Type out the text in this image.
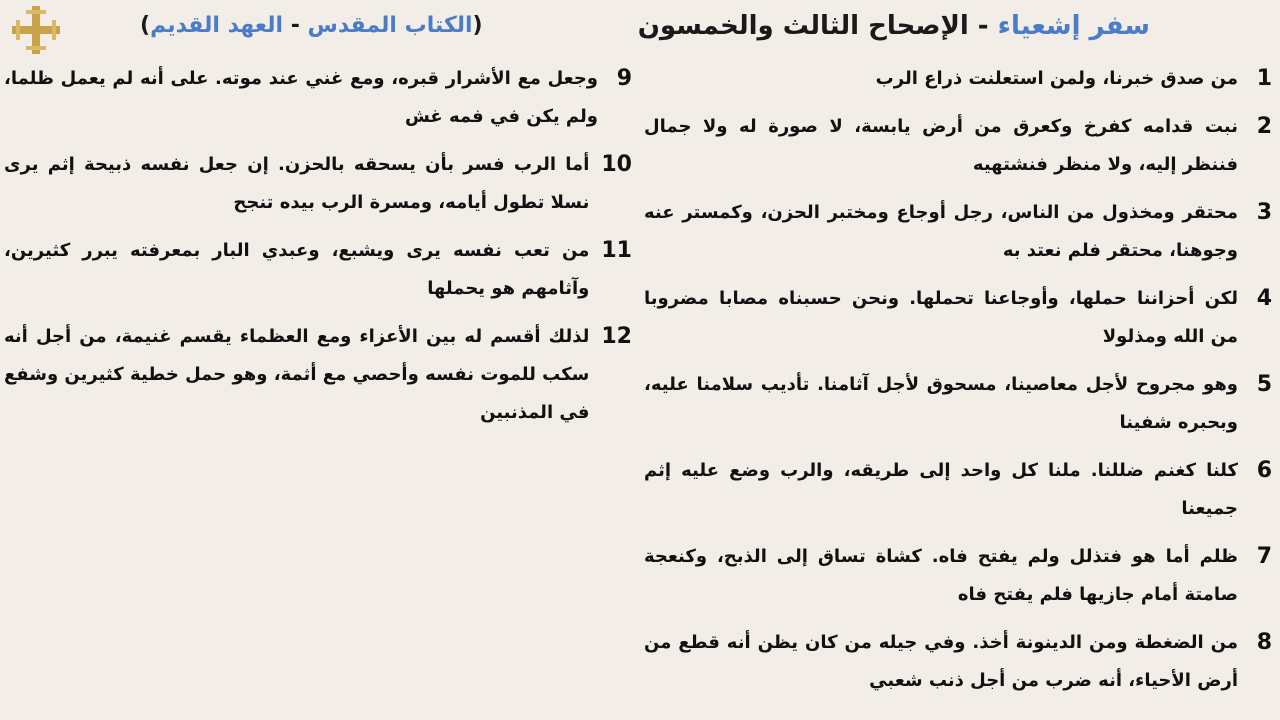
سفر إشعياء - الإصحاح الثالث والخمسون
(الكتاب المقدس - العهد القديم)
1
من صدق خبرنا، ولمن استعلنت ذراع الرب
2
نبت قدامه كفرخ وكعرق من أرض يابسة، لا صورة له ولا جمال فننظر إليه، ولا منظر فنشتهيه
3
محتقر ومخذول من الناس، رجل أوجاع ومختبر الحزن، وكمستر عنه وجوهنا، محتقر فلم نعتد به
4
لكن أحزاننا حملها، وأوجاعنا تحملها. ونحن حسبناه مصابا مضروبا من الله ومذلولا
5
وهو مجروح لأجل معاصينا، مسحوق لأجل آثامنا. تأديب سلامنا عليه، وبحبره شفينا
6
كلنا كغنم ضللنا. ملنا كل واحد إلى طريقه، والرب وضع عليه إثم جميعنا
7
ظلم أما هو فتذلل ولم يفتح فاه. كشاة تساق إلى الذبح، وكنعجة صامتة أمام جازيها فلم يفتح فاه
8
من الضغطة ومن الدينونة أخذ. وفي جيله من كان يظن أنه قطع من أرض الأحياء، أنه ضرب من أجل ذنب شعبي
9
وجعل مع الأشرار قبره، ومع غني عند موته. على أنه لم يعمل ظلما، ولم يكن في فمه غش
10
أما الرب فسر بأن يسحقه بالحزن. إن جعل نفسه ذبيحة إثم يرى نسلا تطول أيامه، ومسرة الرب بيده تنجح
11
من تعب نفسه يرى ويشبع، وعبدي البار بمعرفته يبرر كثيرين، وآثامهم هو يحملها
12
لذلك أقسم له بين الأعزاء ومع العظماء يقسم غنيمة، من أجل أنه سكب للموت نفسه وأحصي مع أثمة، وهو حمل خطية كثيرين وشفع في المذنبين
